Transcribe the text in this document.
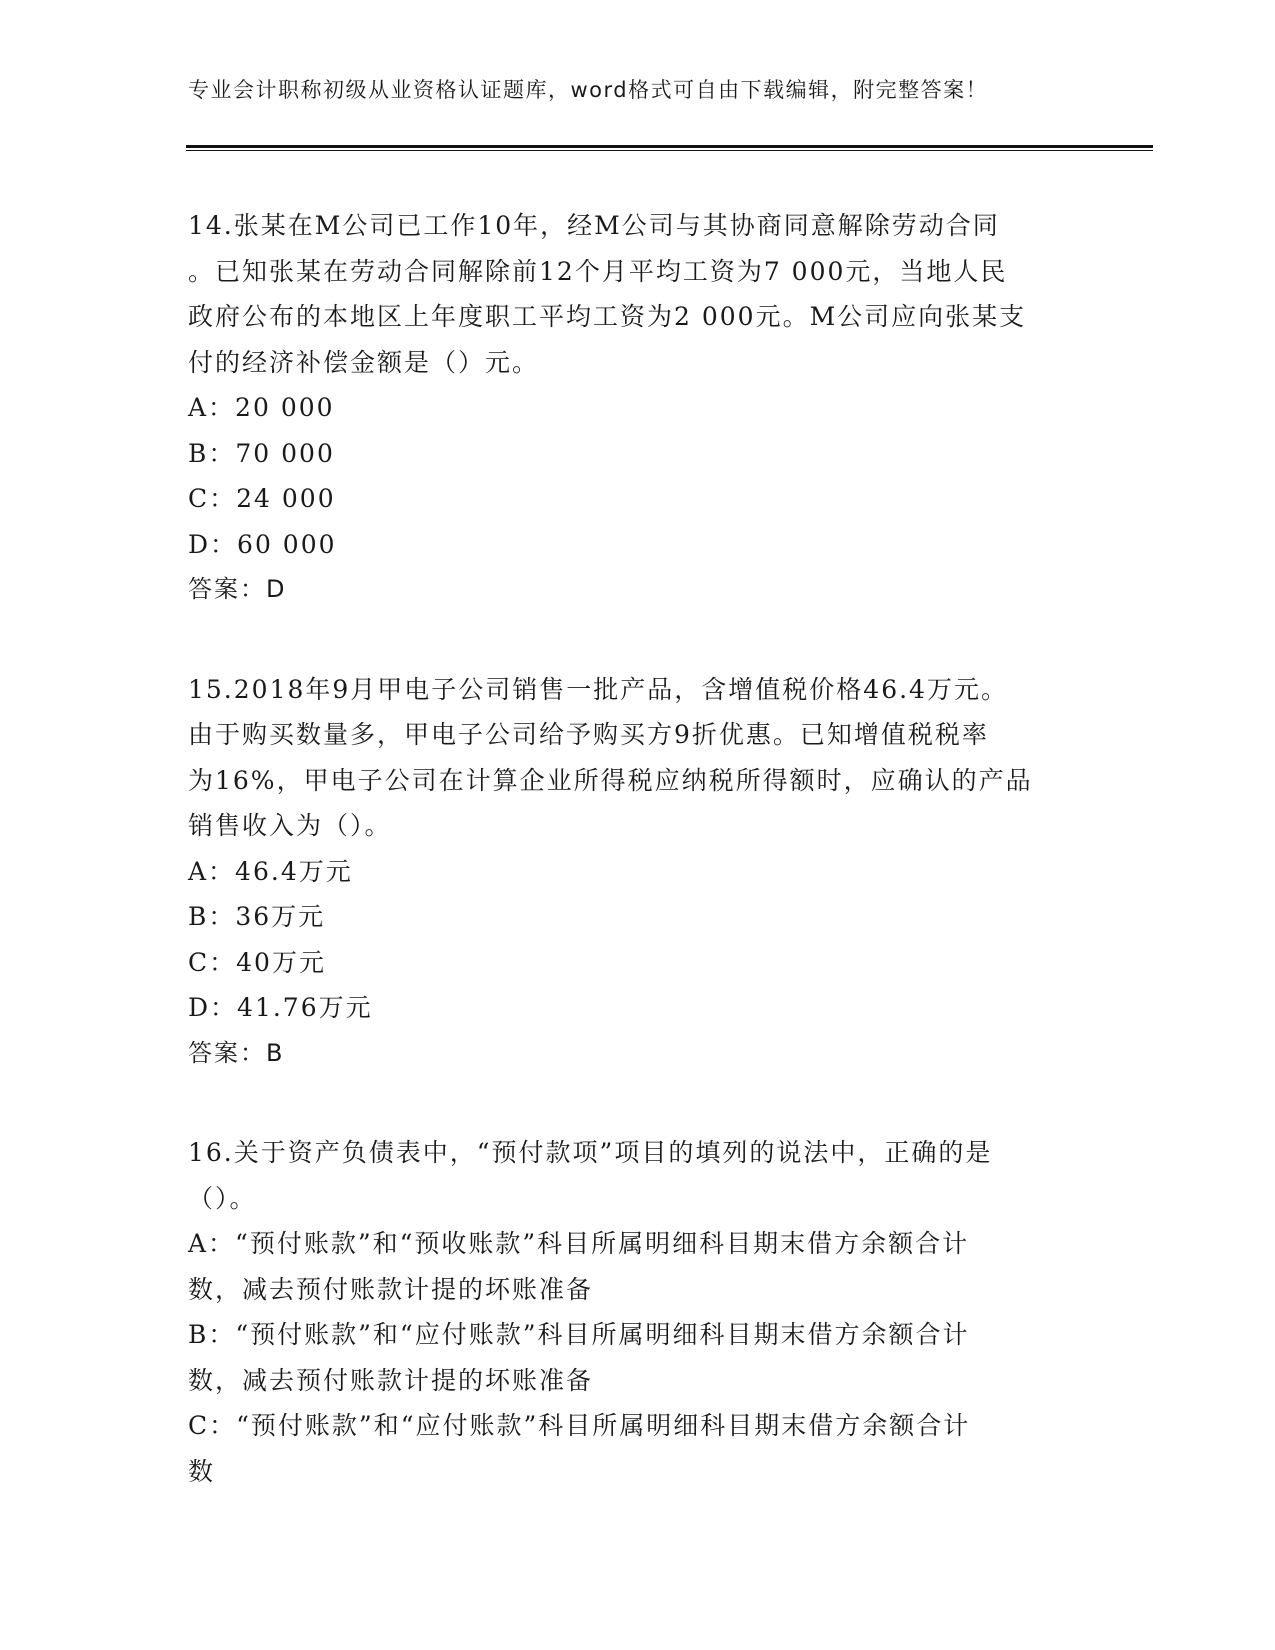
专业会计职称初级从业资格认证题库，word格式可自由下载编辑，附完整答案！
14.张某在M公司已工作10年，经M公司与其协商同意解除劳动合同
。已知张某在劳动合同解除前12个月平均工资为7 000元，当地人民
政府公布的本地区上年度职工平均工资为2 000元。M公司应向张某支
付的经济补偿金额是（）元。
A：20 000
B：70 000
C：24 000
D：60 000
答案：D
15.2018年9月甲电子公司销售一批产品，含增值税价格46.4万元。
由于购买数量多，甲电子公司给予购买方9折优惠。已知增值税税率
为16%，甲电子公司在计算企业所得税应纳税所得额时，应确认的产品
销售收入为（）。
A：46.4万元
B：36万元
C：40万元
D：41.76万元
答案：B
16.关于资产负债表中，“预付款项”项目的填列的说法中，正确的是
（）。
A：“预付账款”和“预收账款”科目所属明细科目期末借方余额合计
数，减去预付账款计提的坏账准备
B：“预付账款”和“应付账款”科目所属明细科目期末借方余额合计
数，减去预付账款计提的坏账准备
C：“预付账款”和“应付账款”科目所属明细科目期末借方余额合计
数
